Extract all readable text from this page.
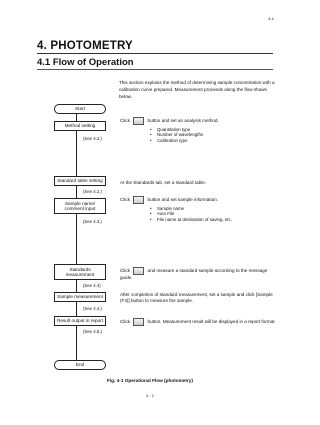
4-1
4. PHOTOMETRY
4.1 Flow of Operation
This section explains the method of determining sample concentration with a calibration curve prepared. Measurement proceeds along the flow shown below.
Start
Method setting
(See 4.2.)
Standard table setting
(See 4.2.)
Sample name/
comment input
(See 4.3.)
Standards
measurement
(See 4.4)
Sample measurement
(See 4.4.)
Result output in report
(See 4.5.)
End
Click	button and set an analysis method.
• Quantitation type
• Number of wavelengths
• Calibration type
At the Standards tab, set a standard table.
Click	button and set sample information.
• Sample name
• Auto File
• File name at destination of saving, etc.
Click	and measure a standard sample according to the message guide.
After completion of standard measurement, set a sample and click [Sample (F4)] button to measure the sample.
Click	button. Measurement result will be displayed in a report format.
Fig. 4-1 Operational Flow (photometry)
4 - 1
